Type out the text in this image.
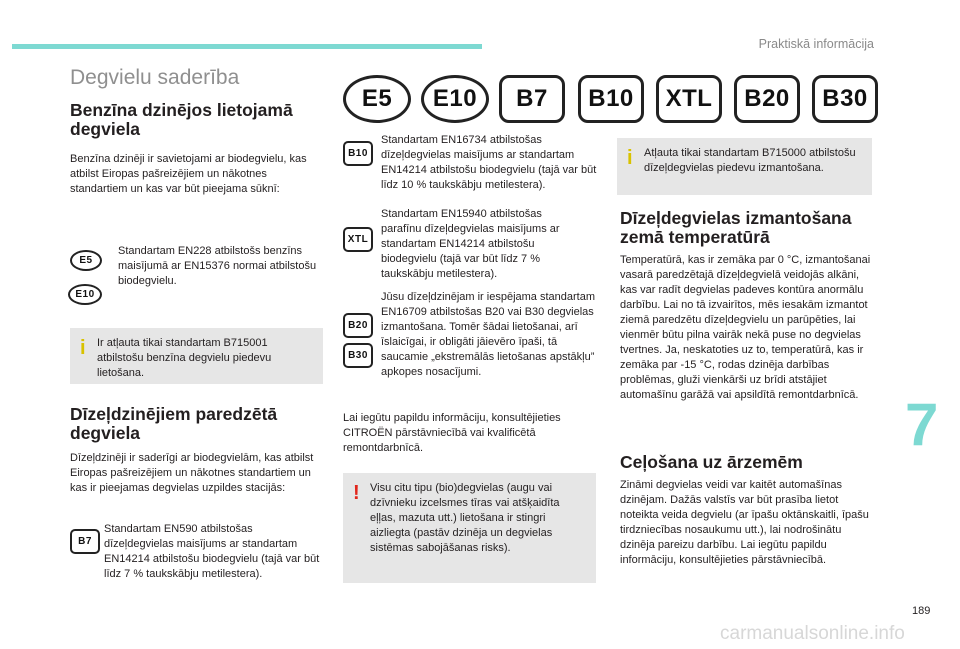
Praktiskā informācija
Degvielu saderība
Benzīna dzinējos lietojamā degviela
Benzīna dzinēji ir savietojami ar biodegvielu, kas atbilst Eiropas pašreizējiem un nākotnes standartiem un kas var būt pieejama sūknī:
E5
E10
Standartam EN228 atbilstošs benzīns maisījumā ar EN15376 normai atbilstošu biodegvielu.
i Ir atļauta tikai standartam B715001 atbilstošu benzīna degvielu piedevu lietošana.
Dīzeļdzinējiem paredzētā degviela
Dīzeļdzinēji ir saderīgi ar biodegvielām, kas atbilst Eiropas pašreizējiem un nākotnes standartiem un kas ir pieejamas degvielas uzpildes stacijās:
B7
Standartam EN590 atbilstošas dīzeļdegvielas maisījums ar standartam EN14214 atbilstošu biodegvielu (tajā var būt līdz 7 % taukskābju metilestera).
E5	E10	B7	B10	XTL	B20	B30
B10
Standartam EN16734 atbilstošas dīzeļdegvielas maisījums ar standartam EN14214 atbilstošu biodegvielu (tajā var būt līdz 10 % taukskābju metilestera).
XTL
Standartam EN15940 atbilstošas parafīnu dīzeļdegvielas maisījums ar standartam EN14214 atbilstošu biodegvielu (tajā var būt līdz 7 % taukskābju metilestera).
B20
B30
Jūsu dīzeļdzinējam ir iespējama standartam EN16709 atbilstošas B20 vai B30 degvielas izmantošana. Tomēr šādai lietošanai, arī īslaicīgai, ir obligāti jāievēro īpaši, tā saucamie „ekstremālās lietošanas apstākļu” apkopes nosacījumi.
Lai iegūtu papildu informāciju, konsultējieties CITROËN pārstāvniecībā vai kvalificētā remontdarbnīcā.
! Visu citu tipu (bio)degvielas (augu vai dzīvnieku izcelsmes tīras vai atšķaidīta eļļas, mazuta utt.) lietošana ir stingri aizliegta (pastāv dzinēja un degvielas sistēmas sabojāšanas risks).
i Atļauta tikai standartam B715000 atbilstošu dīzeļdegvielas piedevu izmantošana.
Dīzeļdegvielas izmantošana zemā temperatūrā
Temperatūrā, kas ir zemāka par 0 °C, izmantošanai vasarā paredzētajā dīzeļdegvielā veidojās alkāni, kas var radīt degvielas padeves kontūra anormālu darbību. Lai no tā izvairītos, mēs iesakām izmantot ziemā paredzētu dīzeļdegvielu un parūpēties, lai vienmēr būtu pilna vairāk nekā puse no degvielas tvertnes. Ja, neskatoties uz to, temperatūrā, kas ir zemāka par -15 °C, rodas dzinēja darbības problēmas, gluži vienkārši uz brīdi atstājiet automašīnu garāžā vai apsildītā remontdarbnīcā.
Ceļošana uz ārzemēm
Zināmi degvielas veidi var kaitēt automašīnas dzinējam. Dažās valstīs var būt prasība lietot noteikta veida degvielu (ar īpašu oktānskaitli, īpašu tirdzniecības nosaukumu utt.), lai nodrošinātu dzinēja pareizu darbību. Lai iegūtu papildu informāciju, konsultējieties pārstāvniecībā.
7
189
carmanualsonline.info
